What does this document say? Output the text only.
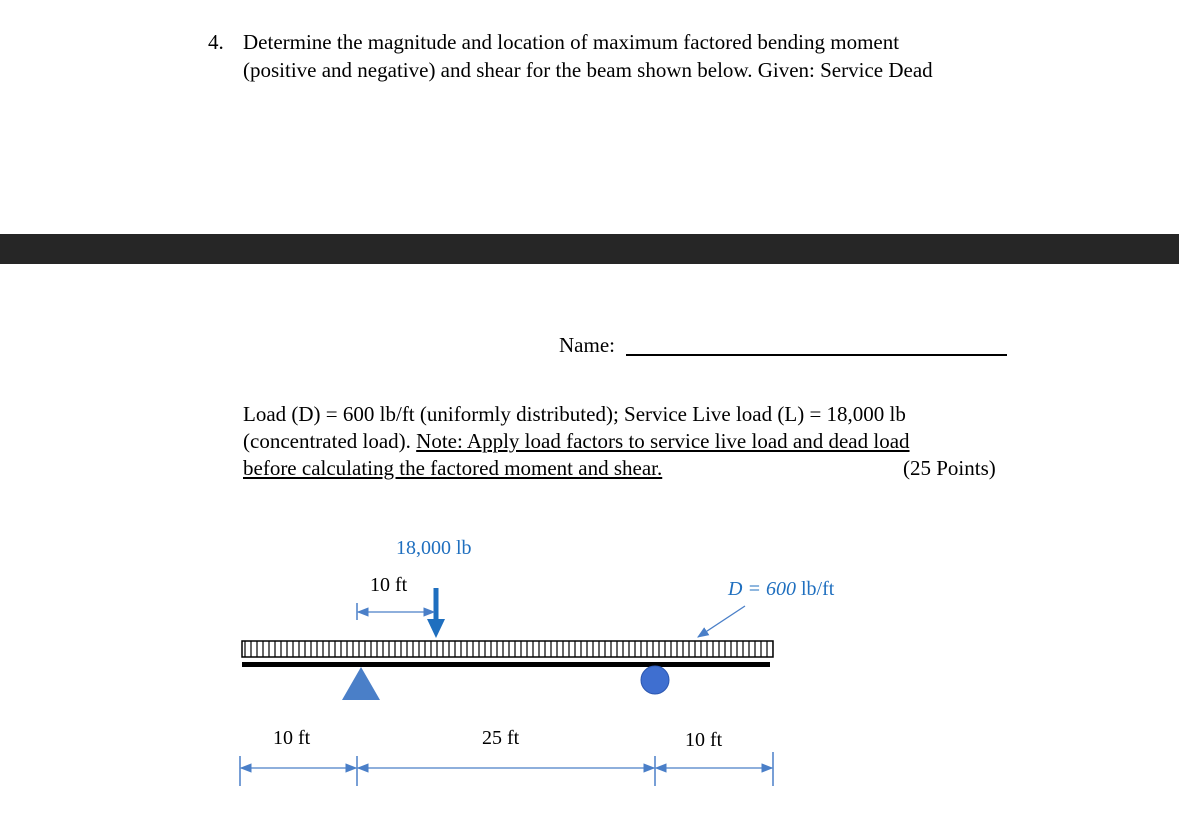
4. Determine the magnitude and location of maximum factored bending moment
(positive and negative) and shear for the beam shown below. Given: Service Dead
Name:
Load (D) = 600 lb/ft (uniformly distributed); Service Live load (L) = 18,000 lb
(concentrated load). Note: Apply load factors to service live load and dead load
before calculating the factored moment and shear.	(25 Points)
18,000 lb
10 ft	D = 600 lb/ft
10 ft	25 ft	10 ft
